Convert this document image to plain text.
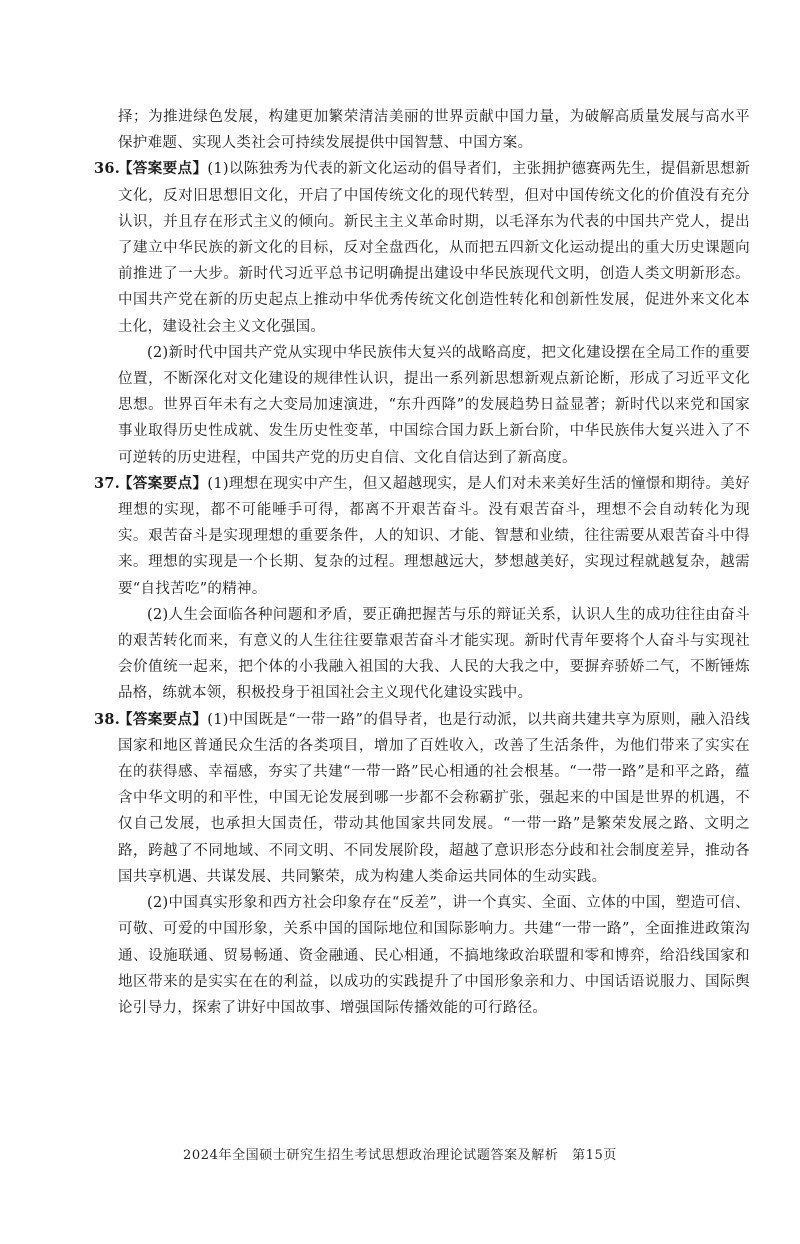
择；为推进绿色发展，构建更加繁荣清洁美丽的世界贡献中国力量，为破解高质量发展与高水平保护难题、实现人类社会可持续发展提供中国智慧、中国方案。
36.
【答案要点】(1)以陈独秀为代表的新文化运动的倡导者们，主张拥护德赛两先生，提倡新思想新文化，反对旧思想旧文化，开启了中国传统文化的现代转型，但对中国传统文化的价值没有充分认识，并且存在形式主义的倾向。新民主主义革命时期，以毛泽东为代表的中国共产党人，提出了建立中华民族的新文化的目标，反对全盘西化，从而把五四新文化运动提出的重大历史课题向前推进了一大步。新时代习近平总书记明确提出建设中华民族现代文明，创造人类文明新形态。中国共产党在新的历史起点上推动中华优秀传统文化创造性转化和创新性发展，促进外来文化本土化，建设社会主义文化强国。
(2)新时代中国共产党从实现中华民族伟大复兴的战略高度，把文化建设摆在全局工作的重要位置，不断深化对文化建设的规律性认识，提出一系列新思想新观点新论断，形成了习近平文化思想。世界百年未有之大变局加速演进，“东升西降”的发展趋势日益显著；新时代以来党和国家事业取得历史性成就、发生历史性变革，中国综合国力跃上新台阶，中华民族伟大复兴进入了不可逆转的历史进程，中国共产党的历史自信、文化自信达到了新高度。
37.
【答案要点】(1)理想在现实中产生，但又超越现实，是人们对未来美好生活的憧憬和期待。美好理想的实现，都不可能唾手可得，都离不开艰苦奋斗。没有艰苦奋斗，理想不会自动转化为现实。艰苦奋斗是实现理想的重要条件，人的知识、才能、智慧和业绩，往往需要从艰苦奋斗中得来。理想的实现是一个长期、复杂的过程。理想越远大，梦想越美好，实现过程就越复杂，越需要“自找苦吃”的精神。
(2)人生会面临各种问题和矛盾，要正确把握苦与乐的辩证关系，认识人生的成功往往由奋斗的艰苦转化而来，有意义的人生往往要靠艰苦奋斗才能实现。新时代青年要将个人奋斗与实现社会价值统一起来，把个体的小我融入祖国的大我、人民的大我之中，要摒弃骄娇二气，不断锤炼品格，练就本领，积极投身于祖国社会主义现代化建设实践中。
38.
【答案要点】(1)中国既是“一带一路”的倡导者，也是行动派，以共商共建共享为原则，融入沿线国家和地区普通民众生活的各类项目，增加了百姓收入，改善了生活条件，为他们带来了实实在在的获得感、幸福感，夯实了共建“一带一路”民心相通的社会根基。“一带一路”是和平之路，蕴含中华文明的和平性，中国无论发展到哪一步都不会称霸扩张，强起来的中国是世界的机遇，不仅自己发展，也承担大国责任，带动其他国家共同发展。“一带一路”是繁荣发展之路、文明之路，跨越了不同地域、不同文明、不同发展阶段，超越了意识形态分歧和社会制度差异，推动各国共享机遇、共谋发展、共同繁荣，成为构建人类命运共同体的生动实践。
(2)中国真实形象和西方社会印象存在“反差”，讲一个真实、全面、立体的中国，塑造可信、可敬、可爱的中国形象，关系中国的国际地位和国际影响力。共建“一带一路”，全面推进政策沟通、设施联通、贸易畅通、资金融通、民心相通，不搞地缘政治联盟和零和博弈，给沿线国家和地区带来的是实实在在的利益，以成功的实践提升了中国形象亲和力、中国话语说服力、国际舆论引导力，探索了讲好中国故事、增强国际传播效能的可行路径。
2024年全国硕士研究生招生考试思想政治理论试题答案及解析　第15页
